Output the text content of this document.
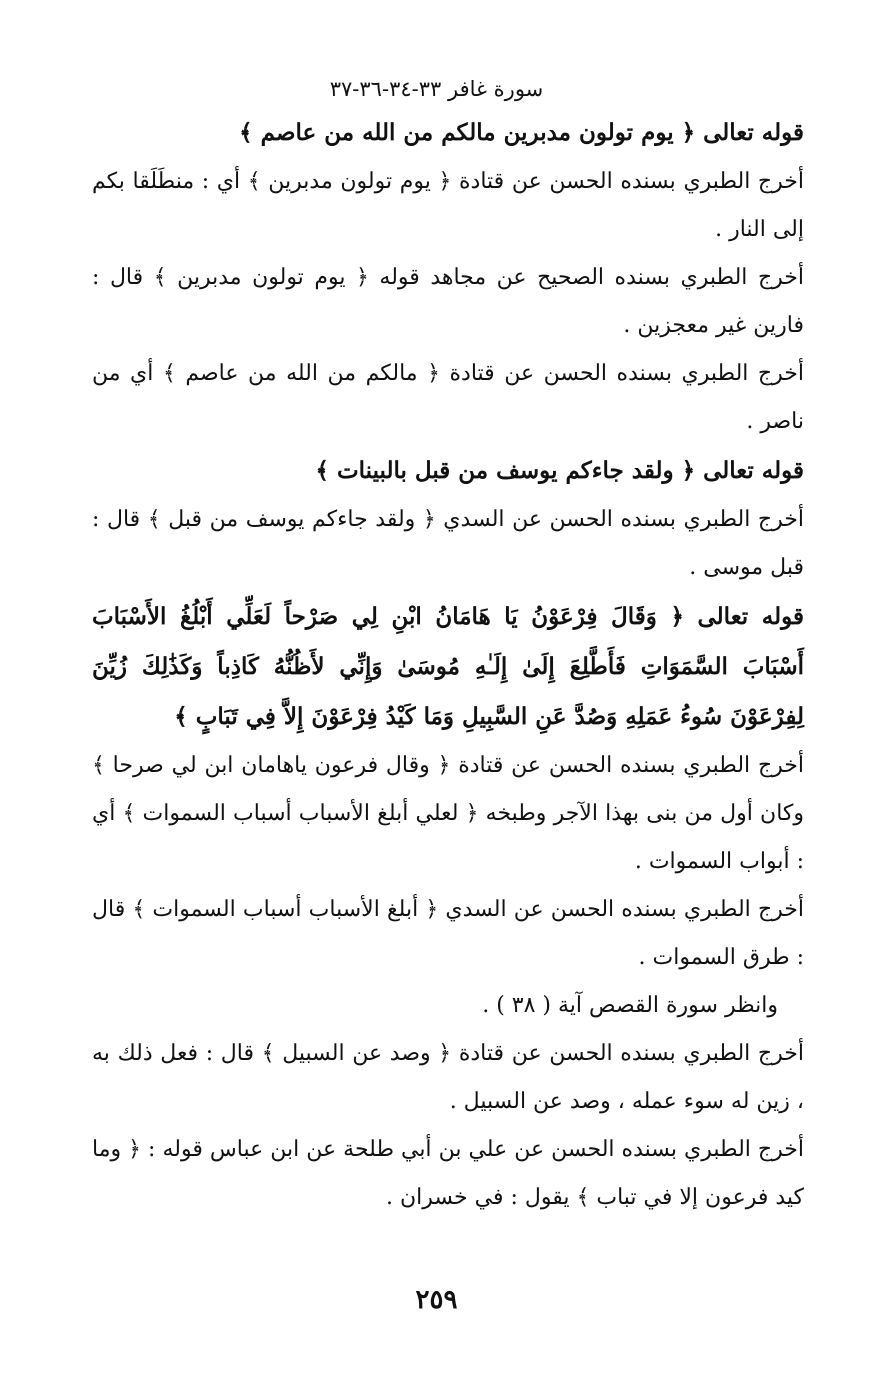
سورة غافر ٣٣-٣٤-٣٦-٣٧

قوله تعالى ﴿ يوم تولون مدبرين مالكم من الله من عاصم ﴾

أخرج الطبري بسنده الحسن عن قتادة ﴿ يوم تولون مدبرين ﴾ أي : منطَلَقا بكم إلى النار .

أخرج الطبري بسنده الصحيح عن مجاهد قوله ﴿ يوم تولون مدبرين ﴾ قال : فارين غير معجزين .

أخرج الطبري بسنده الحسن عن قتادة ﴿ مالكم من الله من عاصم ﴾ أي من ناصر .

قوله تعالى ﴿ ولقد جاءكم يوسف من قبل بالبينات ﴾

أخرج الطبري بسنده الحسن عن السدي ﴿ ولقد جاءكم يوسف من قبل ﴾ قال : قبل موسى .

قوله تعالى ﴿ وَقَالَ فِرْعَوْنُ يَا هَامَانُ ابْنِ لِي صَرْحاً لَعَلِّي أَبْلُغُ الأَسْبَابَ أَسْبَابَ السَّمَوَاتِ فَأَطَّلِعَ إِلَىٰ إِلَـٰهِ مُوسَىٰ وَإِنِّي لأَظُنُّهُ كَاذِباً وَكَذَٰلِكَ زُيِّنَ لِفِرْعَوْنَ سُوءُ عَمَلِهِ وَصُدَّ عَنِ السَّبِيلِ وَمَا كَيْدُ فِرْعَوْنَ إِلاَّ فِي تَبَابٍ ﴾

أخرج الطبري بسنده الحسن عن قتادة ﴿ وقال فرعون ياهامان ابن لي صرحا ﴾ وكان أول من بنى بهذا الآجر وطبخه ﴿ لعلي أبلغ الأسباب أسباب السموات ﴾ أي : أبواب السموات .

أخرج الطبري بسنده الحسن عن السدي ﴿ أبلغ الأسباب أسباب السموات ﴾ قال : طرق السموات .

وانظر سورة القصص آية ( ٣٨ ) .

أخرج الطبري بسنده الحسن عن قتادة ﴿ وصد عن السبيل ﴾ قال : فعل ذلك به ، زين له سوء عمله ، وصد عن السبيل .

أخرج الطبري بسنده الحسن عن علي بن أبي طلحة عن ابن عباس قوله : ﴿ وما كيد فرعون إلا في تباب ﴾ يقول : في خسران .

٢٥٩
